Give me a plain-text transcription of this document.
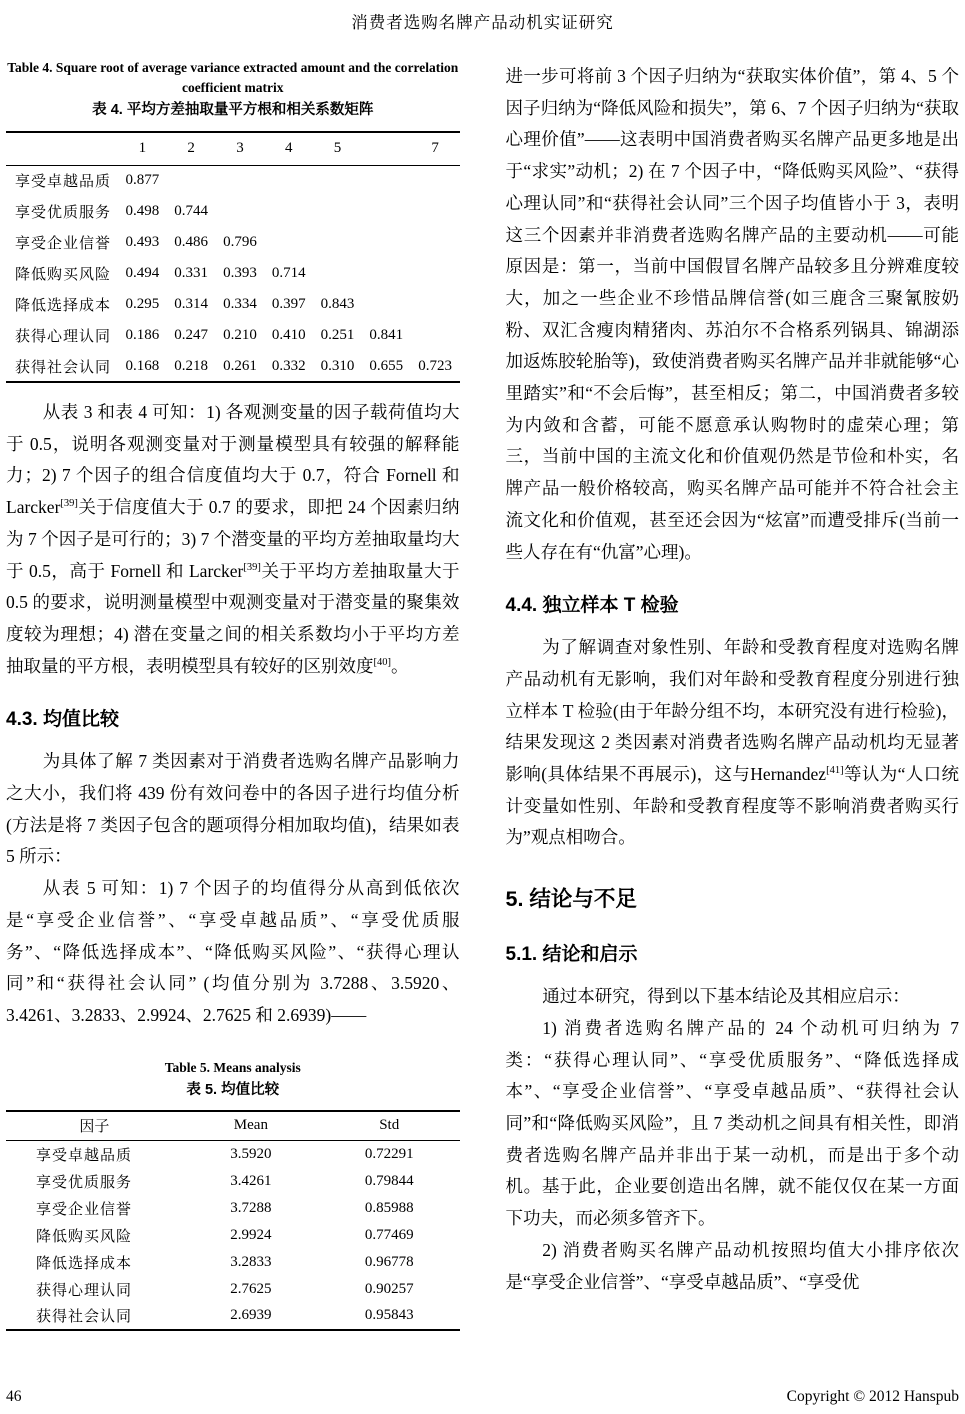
消费者选购名牌产品动机实证研究
Table 4. Square root of average variance extracted amount and the correlation coefficient matrix
表 4. 平均方差抽取量平方根和相关系数矩阵
	1	2	3	4	5		7
享受卓越品质	0.877						
享受优质服务	0.498	0.744					
享受企业信誉	0.493	0.486	0.796				
降低购买风险	0.494	0.331	0.393	0.714			
降低选择成本	0.295	0.314	0.334	0.397	0.843		
获得心理认同	0.186	0.247	0.210	0.410	0.251	0.841	
获得社会认同	0.168	0.218	0.261	0.332	0.310	0.655	0.723

从表 3 和表 4 可知：1) 各观测变量的因子载荷值均大于 0.5，说明各观测变量对于测量模型具有较强的解释能力；2) 7 个因子的组合信度值均大于 0.7，符合 Fornell 和 Larcker[39]关于信度值大于 0.7 的要求，即把 24 个因素归纳为 7 个因子是可行的；3) 7 个潜变量的平均方差抽取量均大于 0.5，高于 Fornell 和 Larcker[39]关于平均方差抽取量大于 0.5 的要求，说明测量模型中观测变量对于潜变量的聚集效度较为理想；4) 潜在变量之间的相关系数均小于平均方差抽取量的平方根，表明模型具有较好的区别效度[40]。

4.3. 均值比较

为具体了解 7 类因素对于消费者选购名牌产品影响力之大小，我们将 439 份有效问卷中的各因子进行均值分析(方法是将 7 类因子包含的题项得分相加取均值)，结果如表 5 所示：

从表 5 可知：1) 7 个因子的均值得分从高到低依次是“享受企业信誉”、“享受卓越品质”、“享受优质服务”、“降低选择成本”、“降低购买风险”、“获得心理认同”和“获得社会认同” (均值分别为 3.7288、3.5920、3.4261、3.2833、2.9924、2.7625 和 2.6939)——

Table 5. Means analysis
表 5. 均值比较
因子	Mean	Std
享受卓越品质	3.5920	0.72291
享受优质服务	3.4261	0.79844
享受企业信誉	3.7288	0.85988
降低购买风险	2.9924	0.77469
降低选择成本	3.2833	0.96778
获得心理认同	2.7625	0.90257
获得社会认同	2.6939	0.95843

进一步可将前 3 个因子归纳为“获取实体价值”，第 4、5 个因子归纳为“降低风险和损失”，第 6、7 个因子归纳为“获取心理价值”——这表明中国消费者购买名牌产品更多地是出于“求实”动机；2) 在 7 个因子中，“降低购买风险”、“获得心理认同”和“获得社会认同”三个因子均值皆小于 3，表明这三个因素并非消费者选购名牌产品的主要动机——可能原因是：第一，当前中国假冒名牌产品较多且分辨难度较大，加之一些企业不珍惜品牌信誉(如三鹿含三聚氰胺奶粉、双汇含瘦肉精猪肉、苏泊尔不合格系列锅具、锦湖添加返炼胶轮胎等)，致使消费者购买名牌产品并非就能够“心里踏实”和“不会后悔”，甚至相反；第二，中国消费者多较为内敛和含蓄，可能不愿意承认购物时的虚荣心理；第三，当前中国的主流文化和价值观仍然是节俭和朴实，名牌产品一般价格较高，购买名牌产品可能并不符合社会主流文化和价值观，甚至还会因为“炫富”而遭受排斥(当前一些人存在有“仇富”心理)。

4.4. 独立样本 T 检验

为了解调查对象性别、年龄和受教育程度对选购名牌产品动机有无影响，我们对年龄和受教育程度分别进行独立样本 T 检验(由于年龄分组不均，本研究没有进行检验)，结果发现这 2 类因素对消费者选购名牌产品动机均无显著影响(具体结果不再展示)，这与Hernandez[41]等认为“人口统计变量如性别、年龄和受教育程度等不影响消费者购买行为”观点相吻合。

5. 结论与不足
5.1. 结论和启示

通过本研究，得到以下基本结论及其相应启示：

1) 消费者选购名牌产品的 24 个动机可归纳为 7 类：“获得心理认同”、“享受优质服务”、“降低选择成本”、“享受企业信誉”、“享受卓越品质”、“获得社会认同”和“降低购买风险”，且 7 类动机之间具有相关性，即消费者选购名牌产品并非出于某一动机，而是出于多个动机。基于此，企业要创造出名牌，就不能仅仅在某一方面下功夫，而必须多管齐下。

2) 消费者购买名牌产品动机按照均值大小排序依次是“享受企业信誉”、“享受卓越品质”、“享受优

46	Copyright © 2012 Hanspub
